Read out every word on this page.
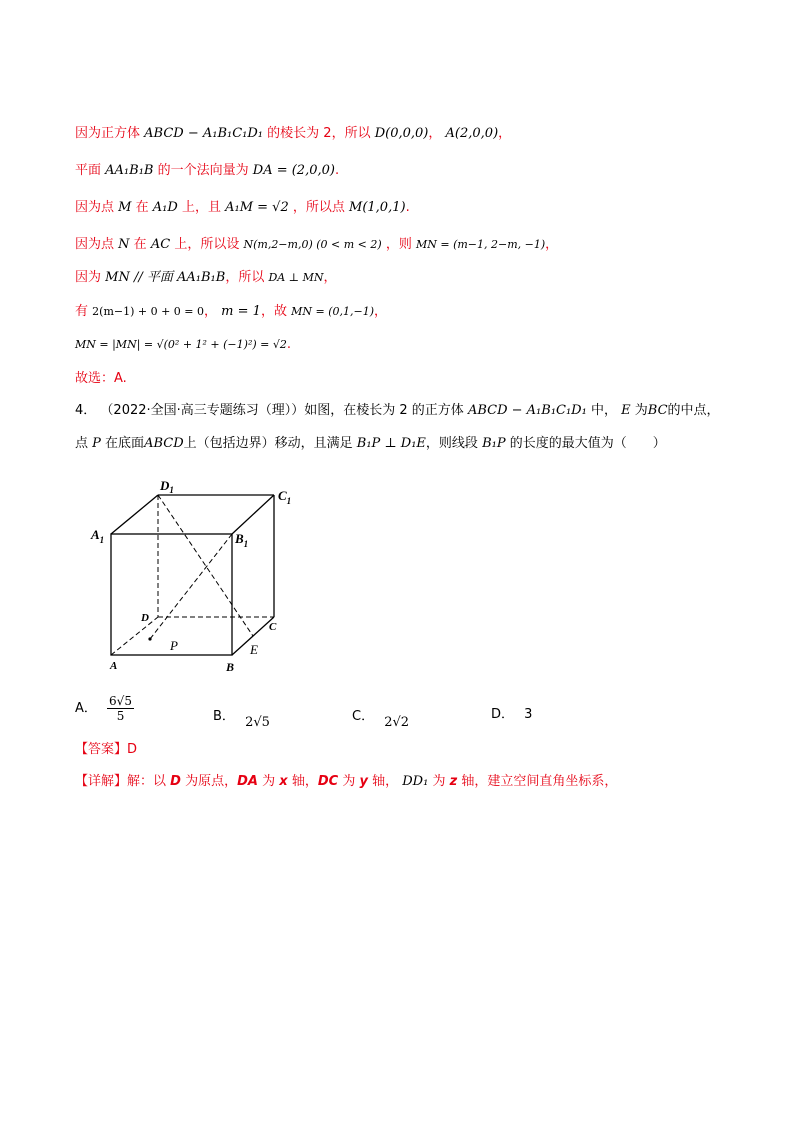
因为正方体 ABCD − A₁B₁C₁D₁ 的棱长为 2，所以 D(0,0,0)， A(2,0,0)，
平面 AA₁B₁B 的一个法向量为 DA = (2,0,0).
因为点 M 在 A₁D 上，且 A₁M = √2 ，所以点 M(1,0,1).
因为点 N 在 AC 上，所以设 N(m,2−m,0) (0 < m < 2) ，则 MN = (m−1, 2−m, −1)，
因为 MN // 平面 AA₁B₁B，所以 DA ⊥ MN，
有 2(m−1) + 0 + 0 = 0， m = 1，故 MN = (0,1,−1)，
MN = |MN| = √(0² + 1² + (−1)²) = √2.
故选：A.
4． （2022·全国·高三专题练习（理））如图，在棱长为 2 的正方体 ABCD − A₁B₁C₁D₁ 中， E 为BC的中点，
点 P 在底面ABCD上（包括边界）移动，且满足 B₁P ⊥ D₁E，则线段 B₁P 的长度的最大值为（　　）
$D_1$	$C_1$
$A_1$	$B_1$
D
C
A	B
E
P
A． $\frac{6√5}{5}$	B． 2√5	C． 2√2
D． 3
【答案】D
【详解】解：以 D 为原点，DA 为 x 轴，DC 为 y 轴， DD₁ 为 z 轴，建立空间直角坐标系，
